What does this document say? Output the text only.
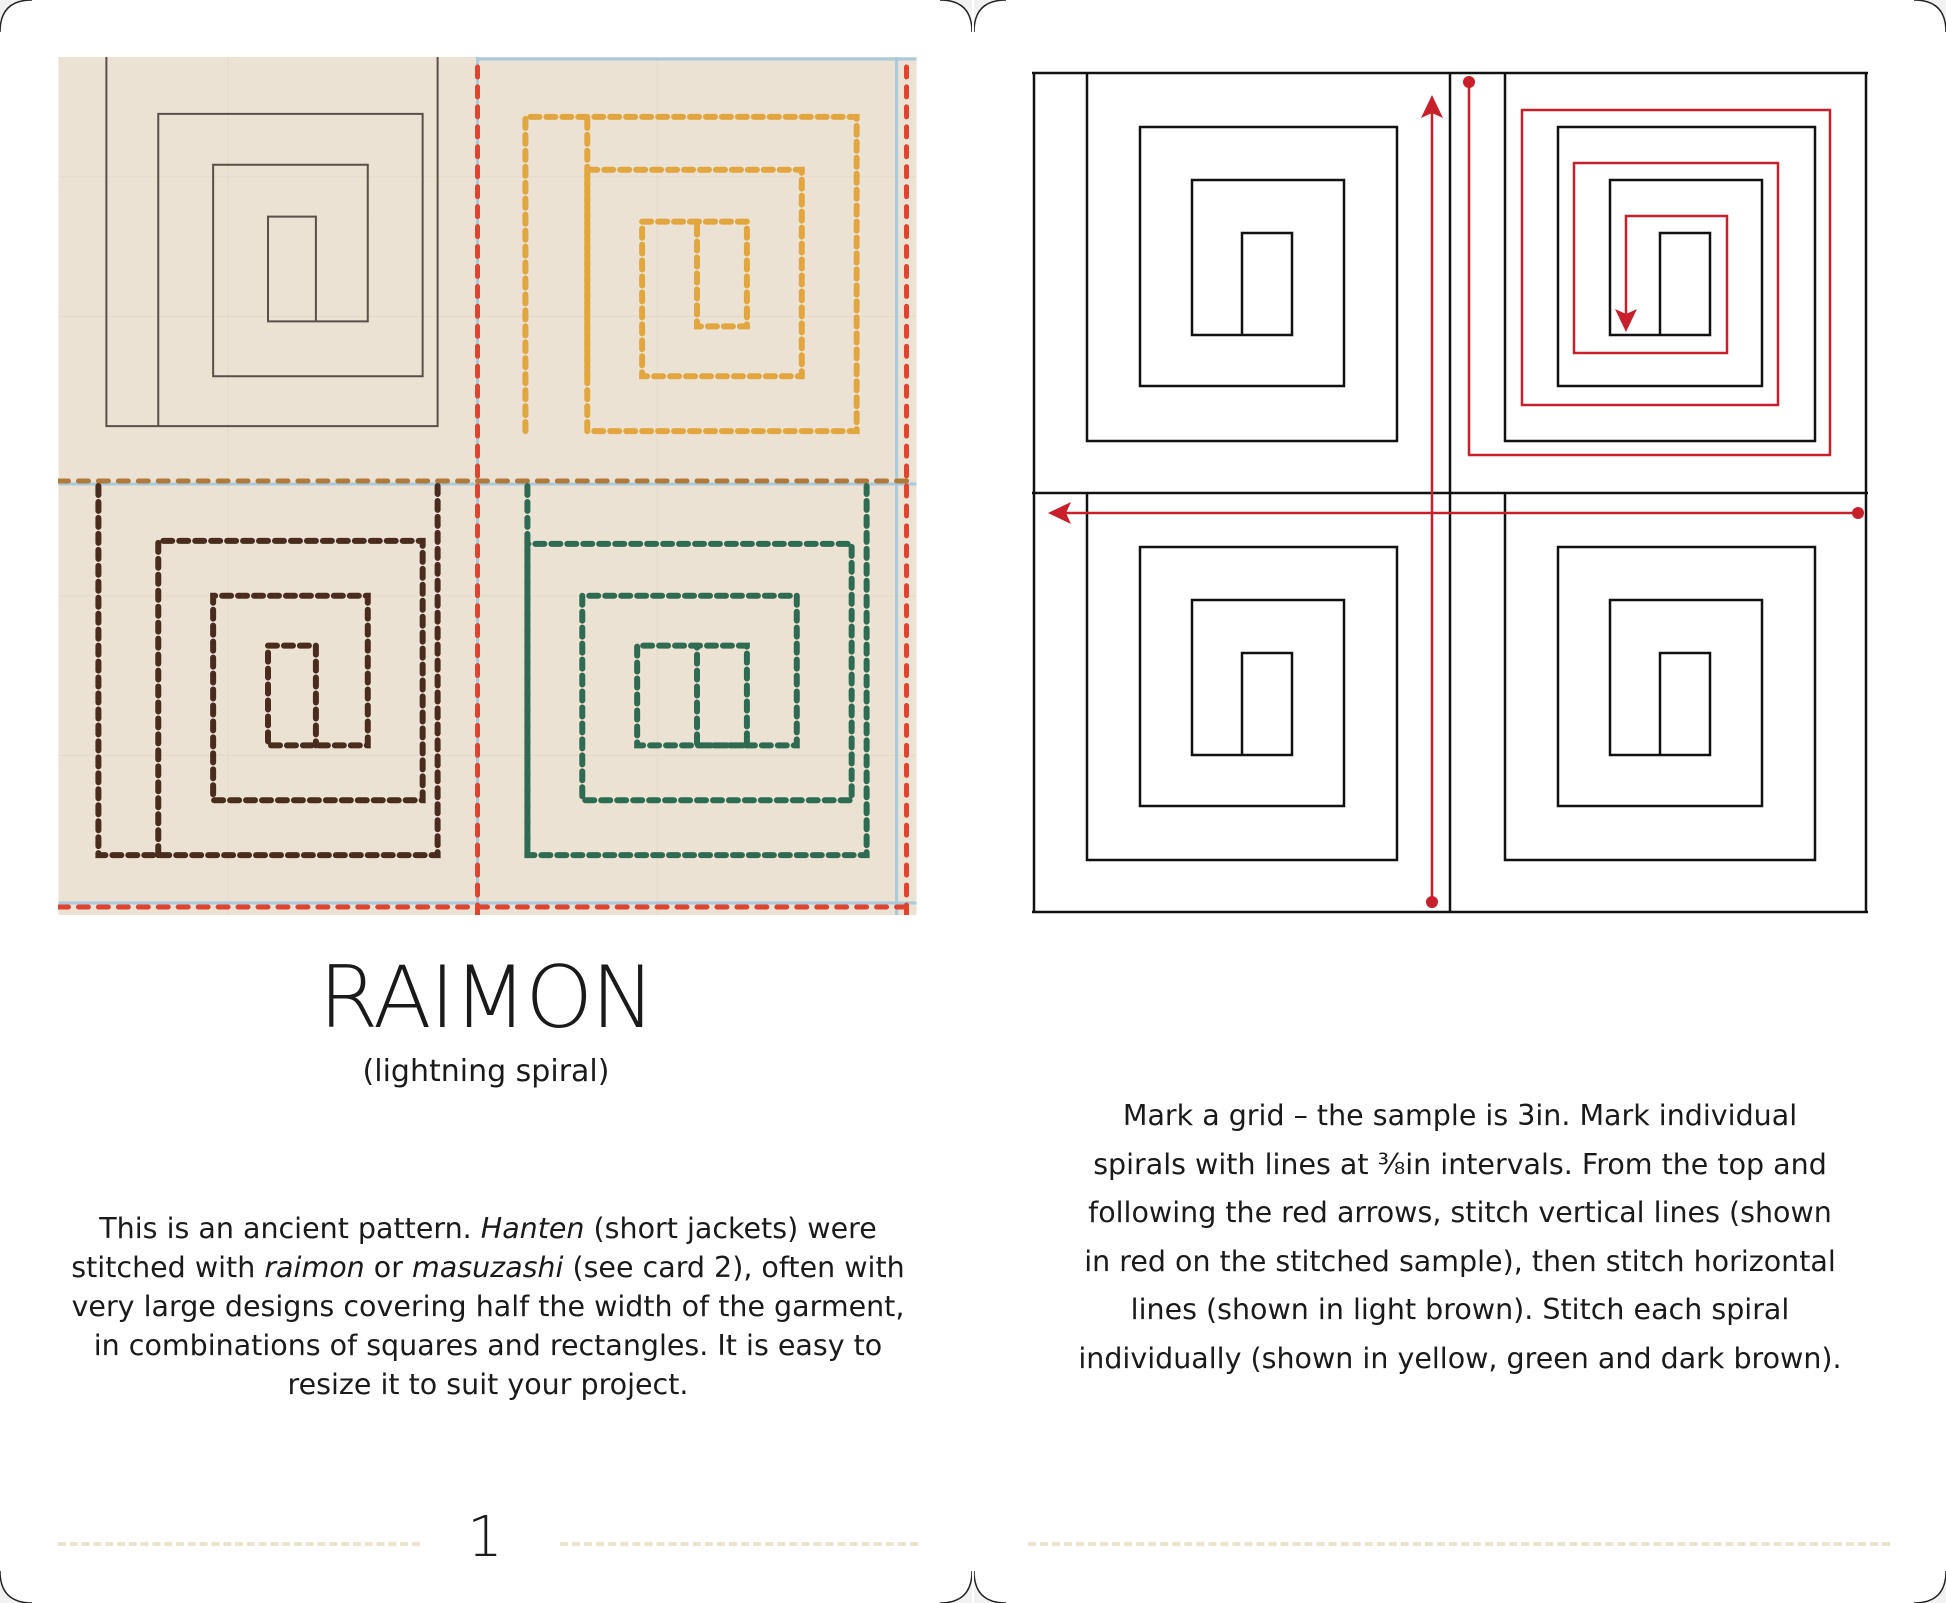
RAIMON
(lightning spiral)
This is an ancient pattern. Hanten (short jackets) were stitched with raimon or masuzashi (see card 2), often with very large designs covering half the width of the garment, in combinations of squares and rectangles. It is easy to resize it to suit your project.
1
Mark a grid – the sample is 3in. Mark individual
spirals with lines at ⅜in intervals. From the top and
following the red arrows, stitch vertical lines (shown
in red on the stitched sample), then stitch horizontal
lines (shown in light brown). Stitch each spiral
individually (shown in yellow, green and dark brown).
